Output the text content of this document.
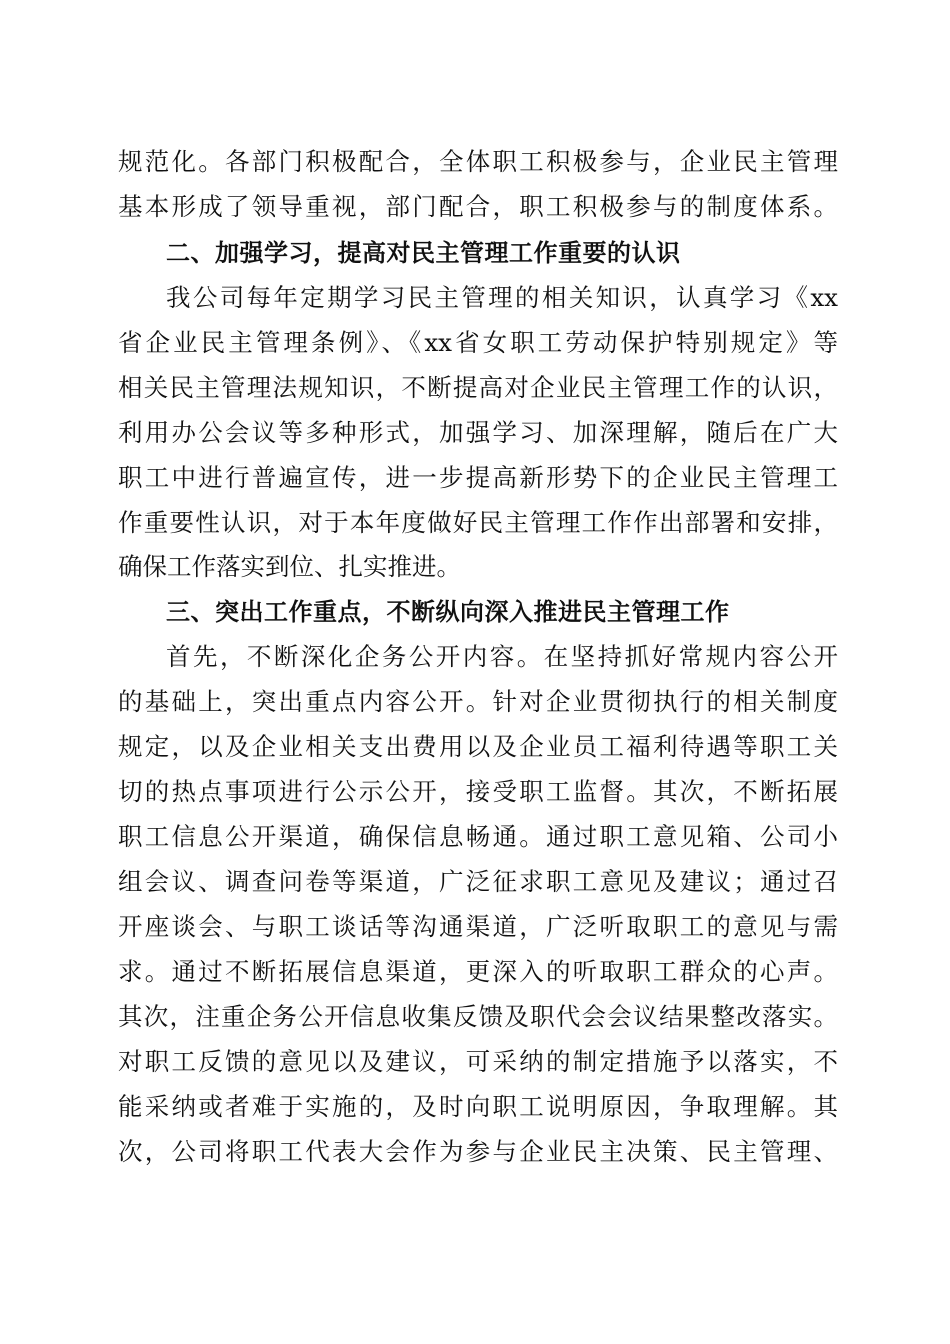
规范化。各部门积极配合，全体职工积极参与，企业民主管理
基本形成了领导重视，部门配合，职工积极参与的制度体系。
二、加强学习，提高对民主管理工作重要的认识
我公司每年定期学习民主管理的相关知识，认真学习《xx
省企业民主管理条例》、《xx省女职工劳动保护特别规定》等
相关民主管理法规知识，不断提高对企业民主管理工作的认识，
利用办公会议等多种形式，加强学习、加深理解，随后在广大
职工中进行普遍宣传，进一步提高新形势下的企业民主管理工
作重要性认识，对于本年度做好民主管理工作作出部署和安排，
确保工作落实到位、扎实推进。
三、突出工作重点，不断纵向深入推进民主管理工作
首先，不断深化企务公开内容。在坚持抓好常规内容公开
的基础上，突出重点内容公开。针对企业贯彻执行的相关制度
规定，以及企业相关支出费用以及企业员工福利待遇等职工关
切的热点事项进行公示公开，接受职工监督。其次，不断拓展
职工信息公开渠道，确保信息畅通。通过职工意见箱、公司小
组会议、调查问卷等渠道，广泛征求职工意见及建议；通过召
开座谈会、与职工谈话等沟通渠道，广泛听取职工的意见与需
求。通过不断拓展信息渠道，更深入的听取职工群众的心声。
其次，注重企务公开信息收集反馈及职代会会议结果整改落实。
对职工反馈的意见以及建议，可采纳的制定措施予以落实，不
能采纳或者难于实施的，及时向职工说明原因，争取理解。其
次，公司将职工代表大会作为参与企业民主决策、民主管理、
